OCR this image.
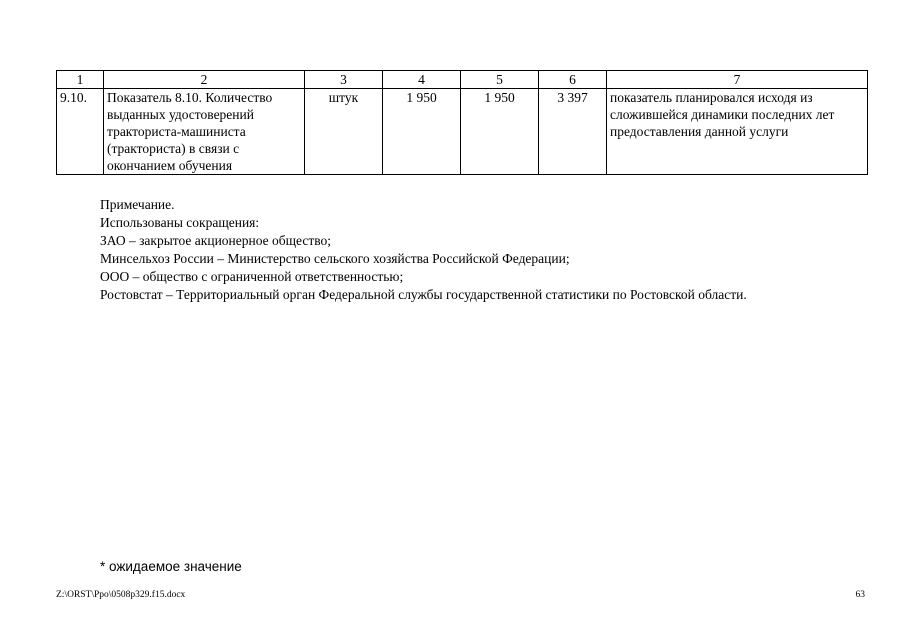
1	2	3	4	5	6	7
9.10.	Показатель 8.10. Количество выданных удостоверений тракториста-машиниста (тракториста) в связи с окончанием обучения	штук	1 950	1 950	3 397	показатель планировался исходя из сложившейся динамики последних лет предоставления данной услуги
Примечание.
Использованы сокращения:
ЗАО – закрытое акционерное общество;
Минсельхоз России – Министерство сельского хозяйства Российской Федерации;
ООО – общество с ограниченной ответственностью;
Ростовстат – Территориальный орган Федеральной службы государственной статистики по Ростовской области.
* ожидаемое значение
Z:\ORST\Ppo\0508p329.f15.docx	63
